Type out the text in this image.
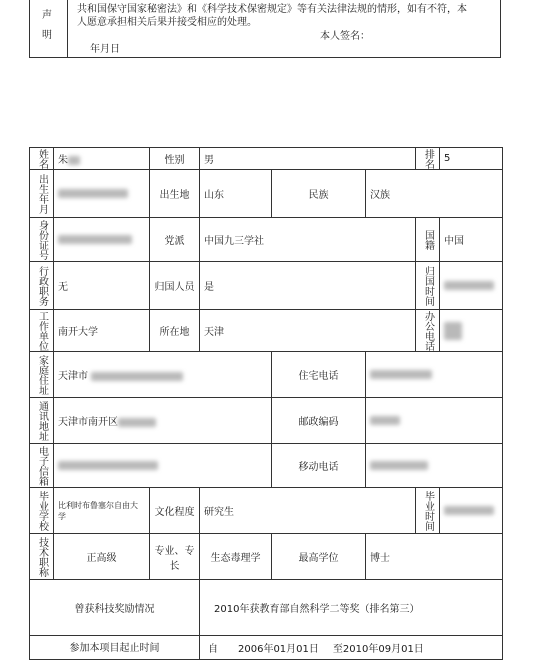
声
明
共和国保守国家秘密法》和《科学技术保密规定》等有关法律法规的情形，如有不符，本
人愿意承担相关后果并接受相应的处理。
本人签名：
年月日
姓名	朱	性别	男			排名	5
出生年月		出生地	山东	民族	汉族		
身份证号		党派	中国九三学社			国籍	中国
行政职务	无	归国人员	是			归国时间	
工作单位	南开大学	所在地	天津			办公电话	
家庭住址	天津市			住宅电话			
通讯地址	天津市南开区			邮政编码			
电子信箱				移动电话			
毕业学校	比利时布鲁塞尔自由大学	文化程度	研究生			毕业时间	
技术职称	正高级	专业、专长	生态毒理学	最高学位	博士		
曾获科技奖励情况			2010年获教育部自然科学二等奖（排名第三）				
参加本项目起止时间			自 2006年01月01日 至2010年09月01日				
